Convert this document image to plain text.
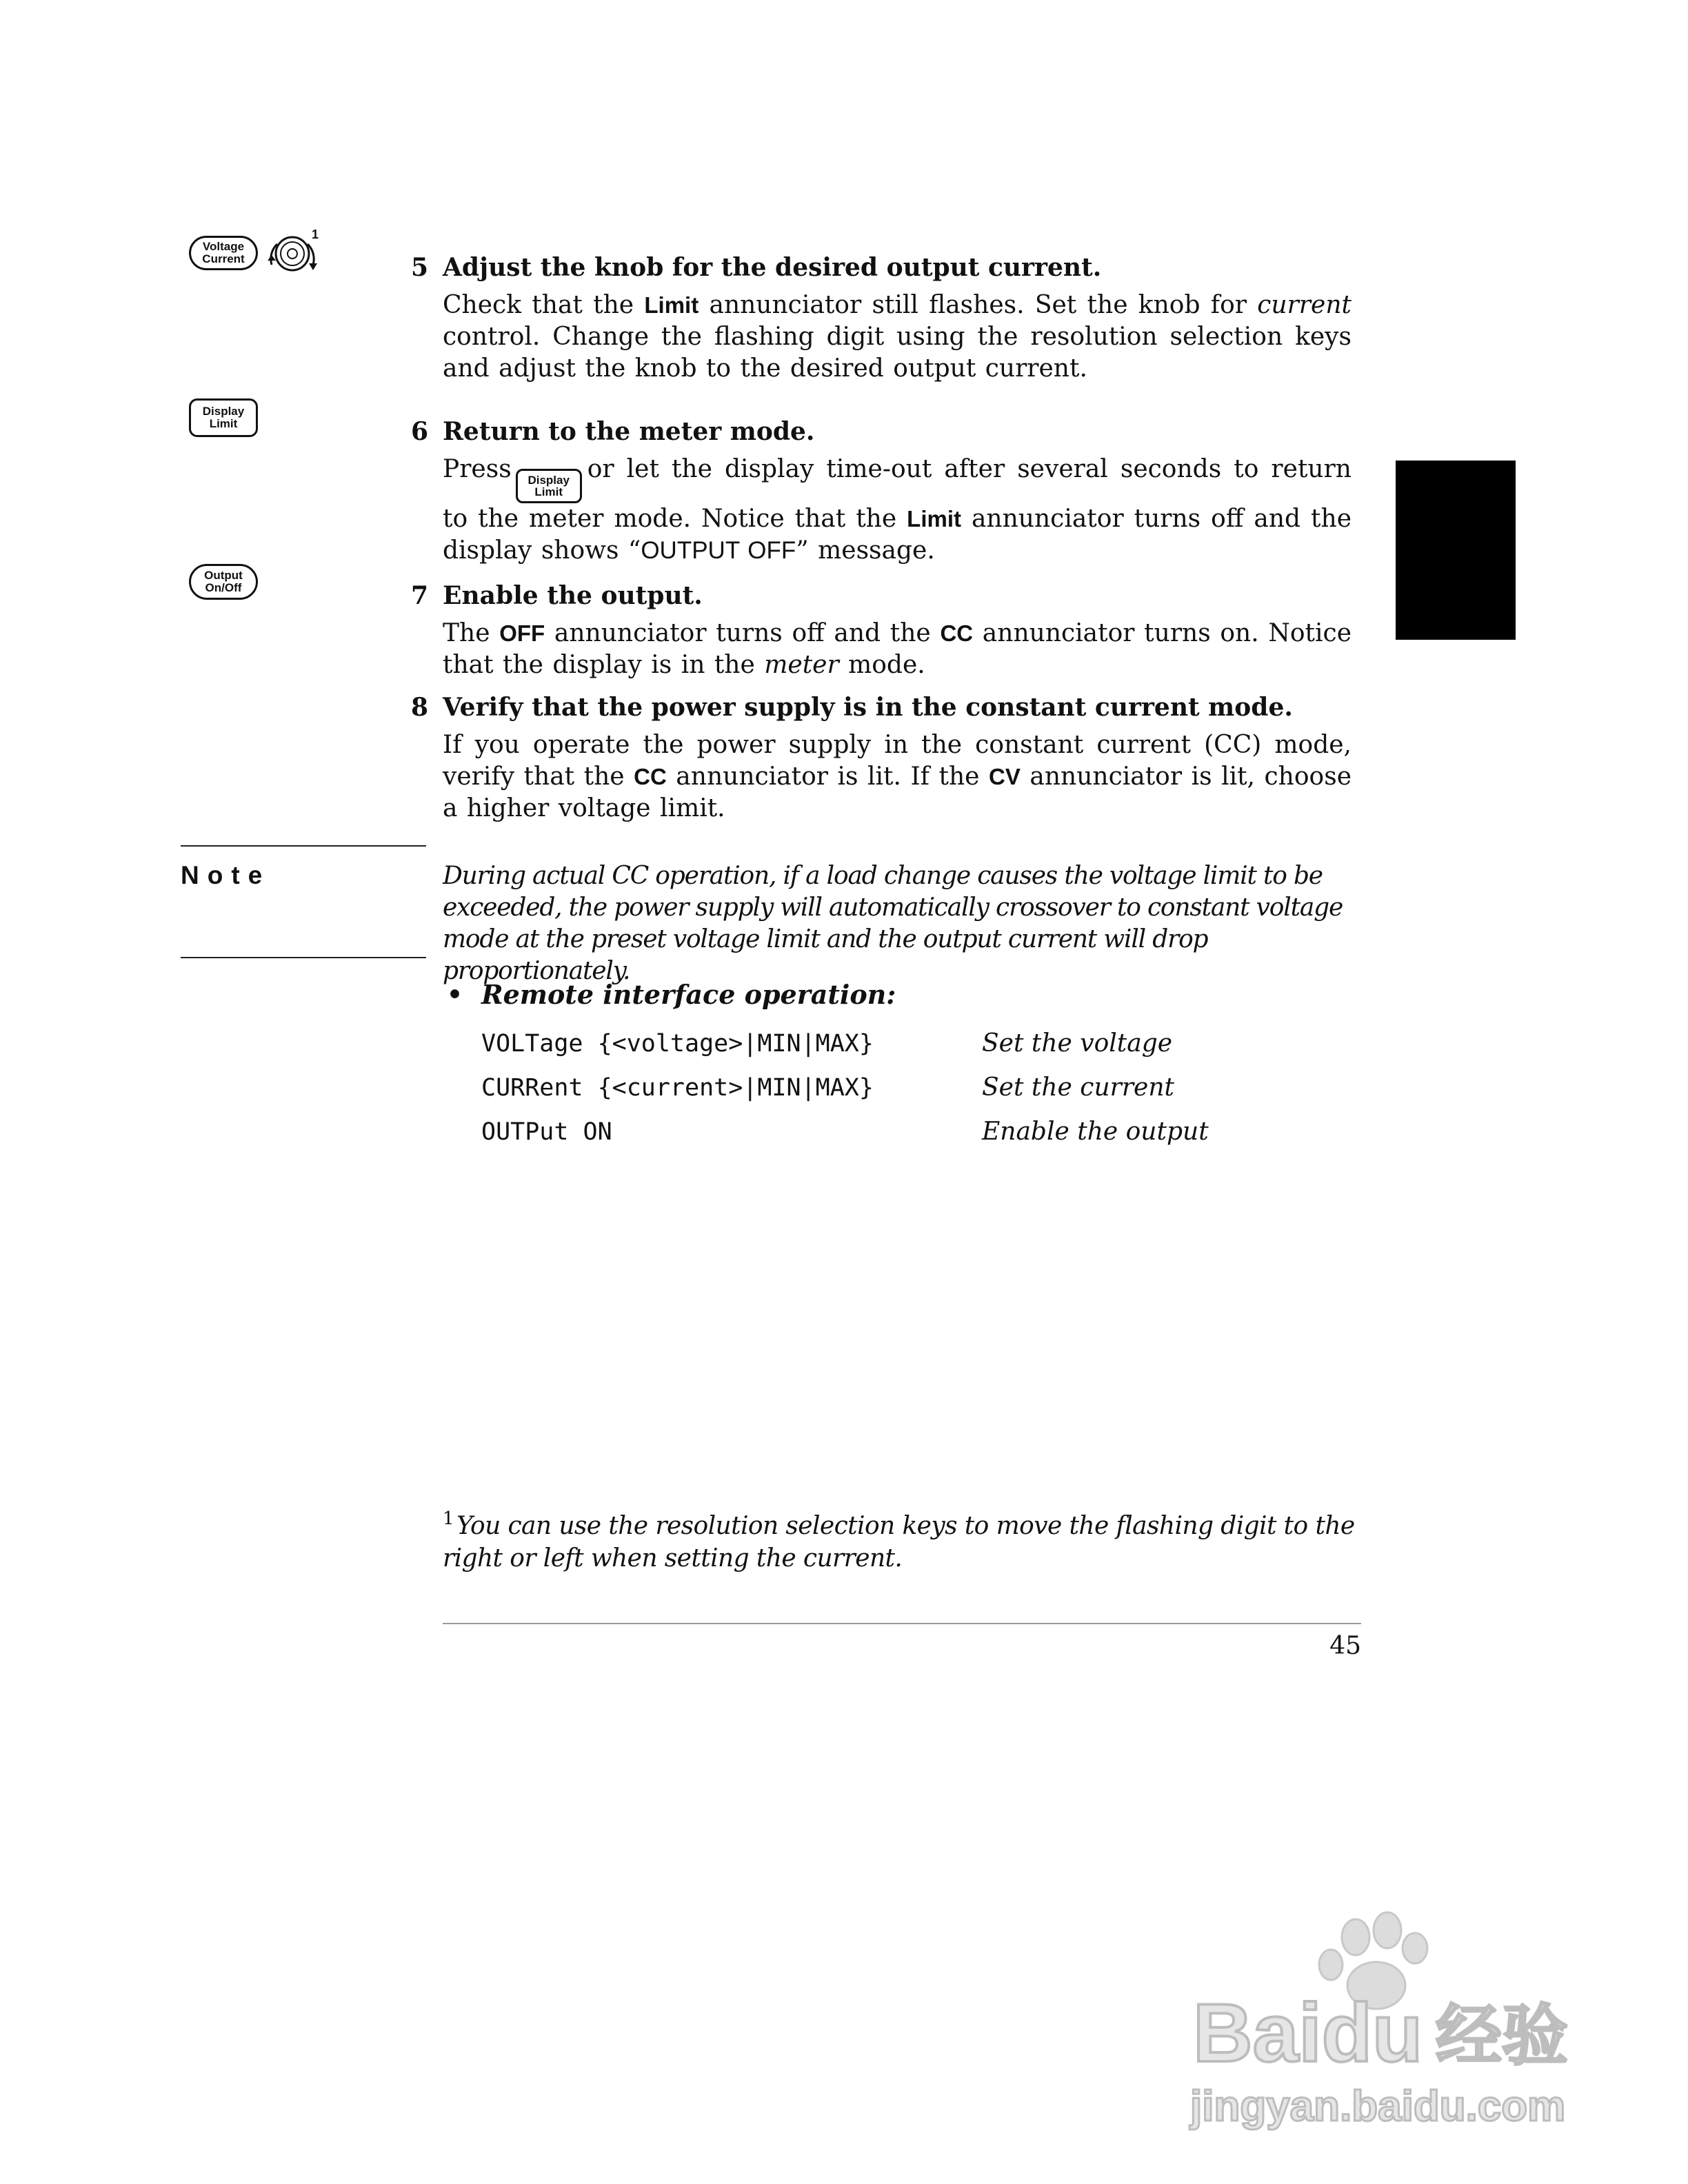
Voltage
Current
1
Display
Limit
Output
On/Off
5 Adjust the knob for the desired output current.
Check that the Limit annunciator still flashes. Set the knob for current control. Change the flashing digit using the resolution selection keys and adjust the knob to the desired output current.
6 Return to the meter mode.
Press	Display
Limit
or let the display time-out after several seconds to return to the meter mode. Notice that the Limit annunciator turns off and the display shows “OUTPUT OFF” message.
7 Enable the output.
The OFF annunciator turns off and the CC annunciator turns on. Notice that the display is in the meter mode.
8 Verify that the power supply is in the constant current mode.
If you operate the power supply in the constant current (CC) mode, verify that the CC annunciator is lit. If the CV annunciator is lit, choose a higher voltage limit.
Note	During actual CC operation, if a load change causes the voltage limit to be exceeded, the power supply will automatically crossover to constant voltage mode at the preset voltage limit and the output current will drop proportionately.
• Remote interface operation:
VOLTage {<voltage>|MIN|MAX}	Set the voltage
CURRent {<current>|MIN|MAX}	Set the current
OUTPut ON	Enable the output
$^1$ You can use the resolution selection keys to move the flashing digit to the right or left when setting the current.
45
Baidu 经验
jingyan.baidu.com
